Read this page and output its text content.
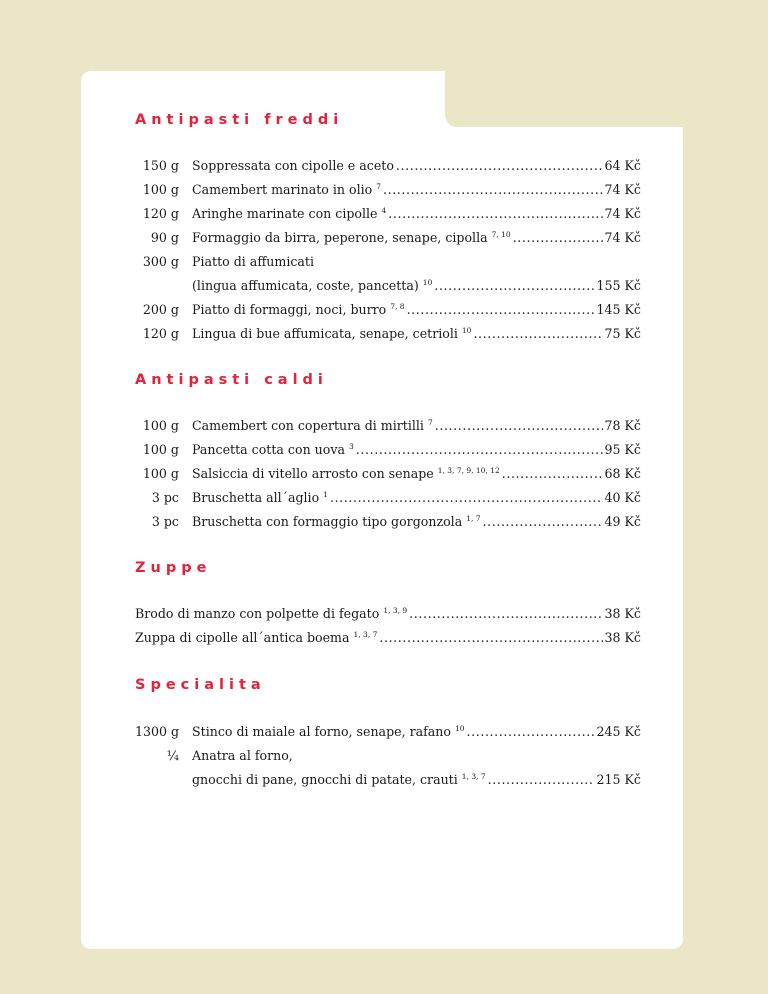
Antipasti freddi
150 g Soppressata con cipolle e aceto .....	64 Kč
100 g Camembert marinato in olio 7 .....	74 Kč
120 g Aringhe marinate con cipolle 4 .....	74 Kč
90 g Formaggio da birra, peperone, senape, cipolla 7, 10 .....	74 Kč
300 g Piatto di affumicati
(lingua affumicata, coste, pancetta) 10 .....	155 Kč
200 g Piatto di formaggi, noci, burro 7, 8 .....	145 Kč
120 g Lingua di bue affumicata, senape, cetrioli 10 .....	75 Kč
Antipasti caldi
100 g Camembert con copertura di mirtilli 7 .....	78 Kč
100 g Pancetta cotta con uova 3 .....	95 Kč
100 g Salsiccia di vitello arrosto con senape 1, 3, 7, 9, 10, 12 .....	68 Kč
3 pc Bruschetta all´aglio 1 .....	40 Kč
3 pc Bruschetta con formaggio tipo gorgonzola 1, 7 .....	49 Kč
Zuppe
Brodo di manzo con polpette di fegato 1, 3, 9 .....	38 Kč
Zuppa di cipolle all´antica boema 1, 3, 7 .....	38 Kč
Specialita
1300 g Stinco di maiale al forno, senape, rafano 10 .....	245 Kč
¼ Anatra al forno,
gnocchi di pane, gnocchi di patate, crauti 1, 3, 7 .....	215 Kč
